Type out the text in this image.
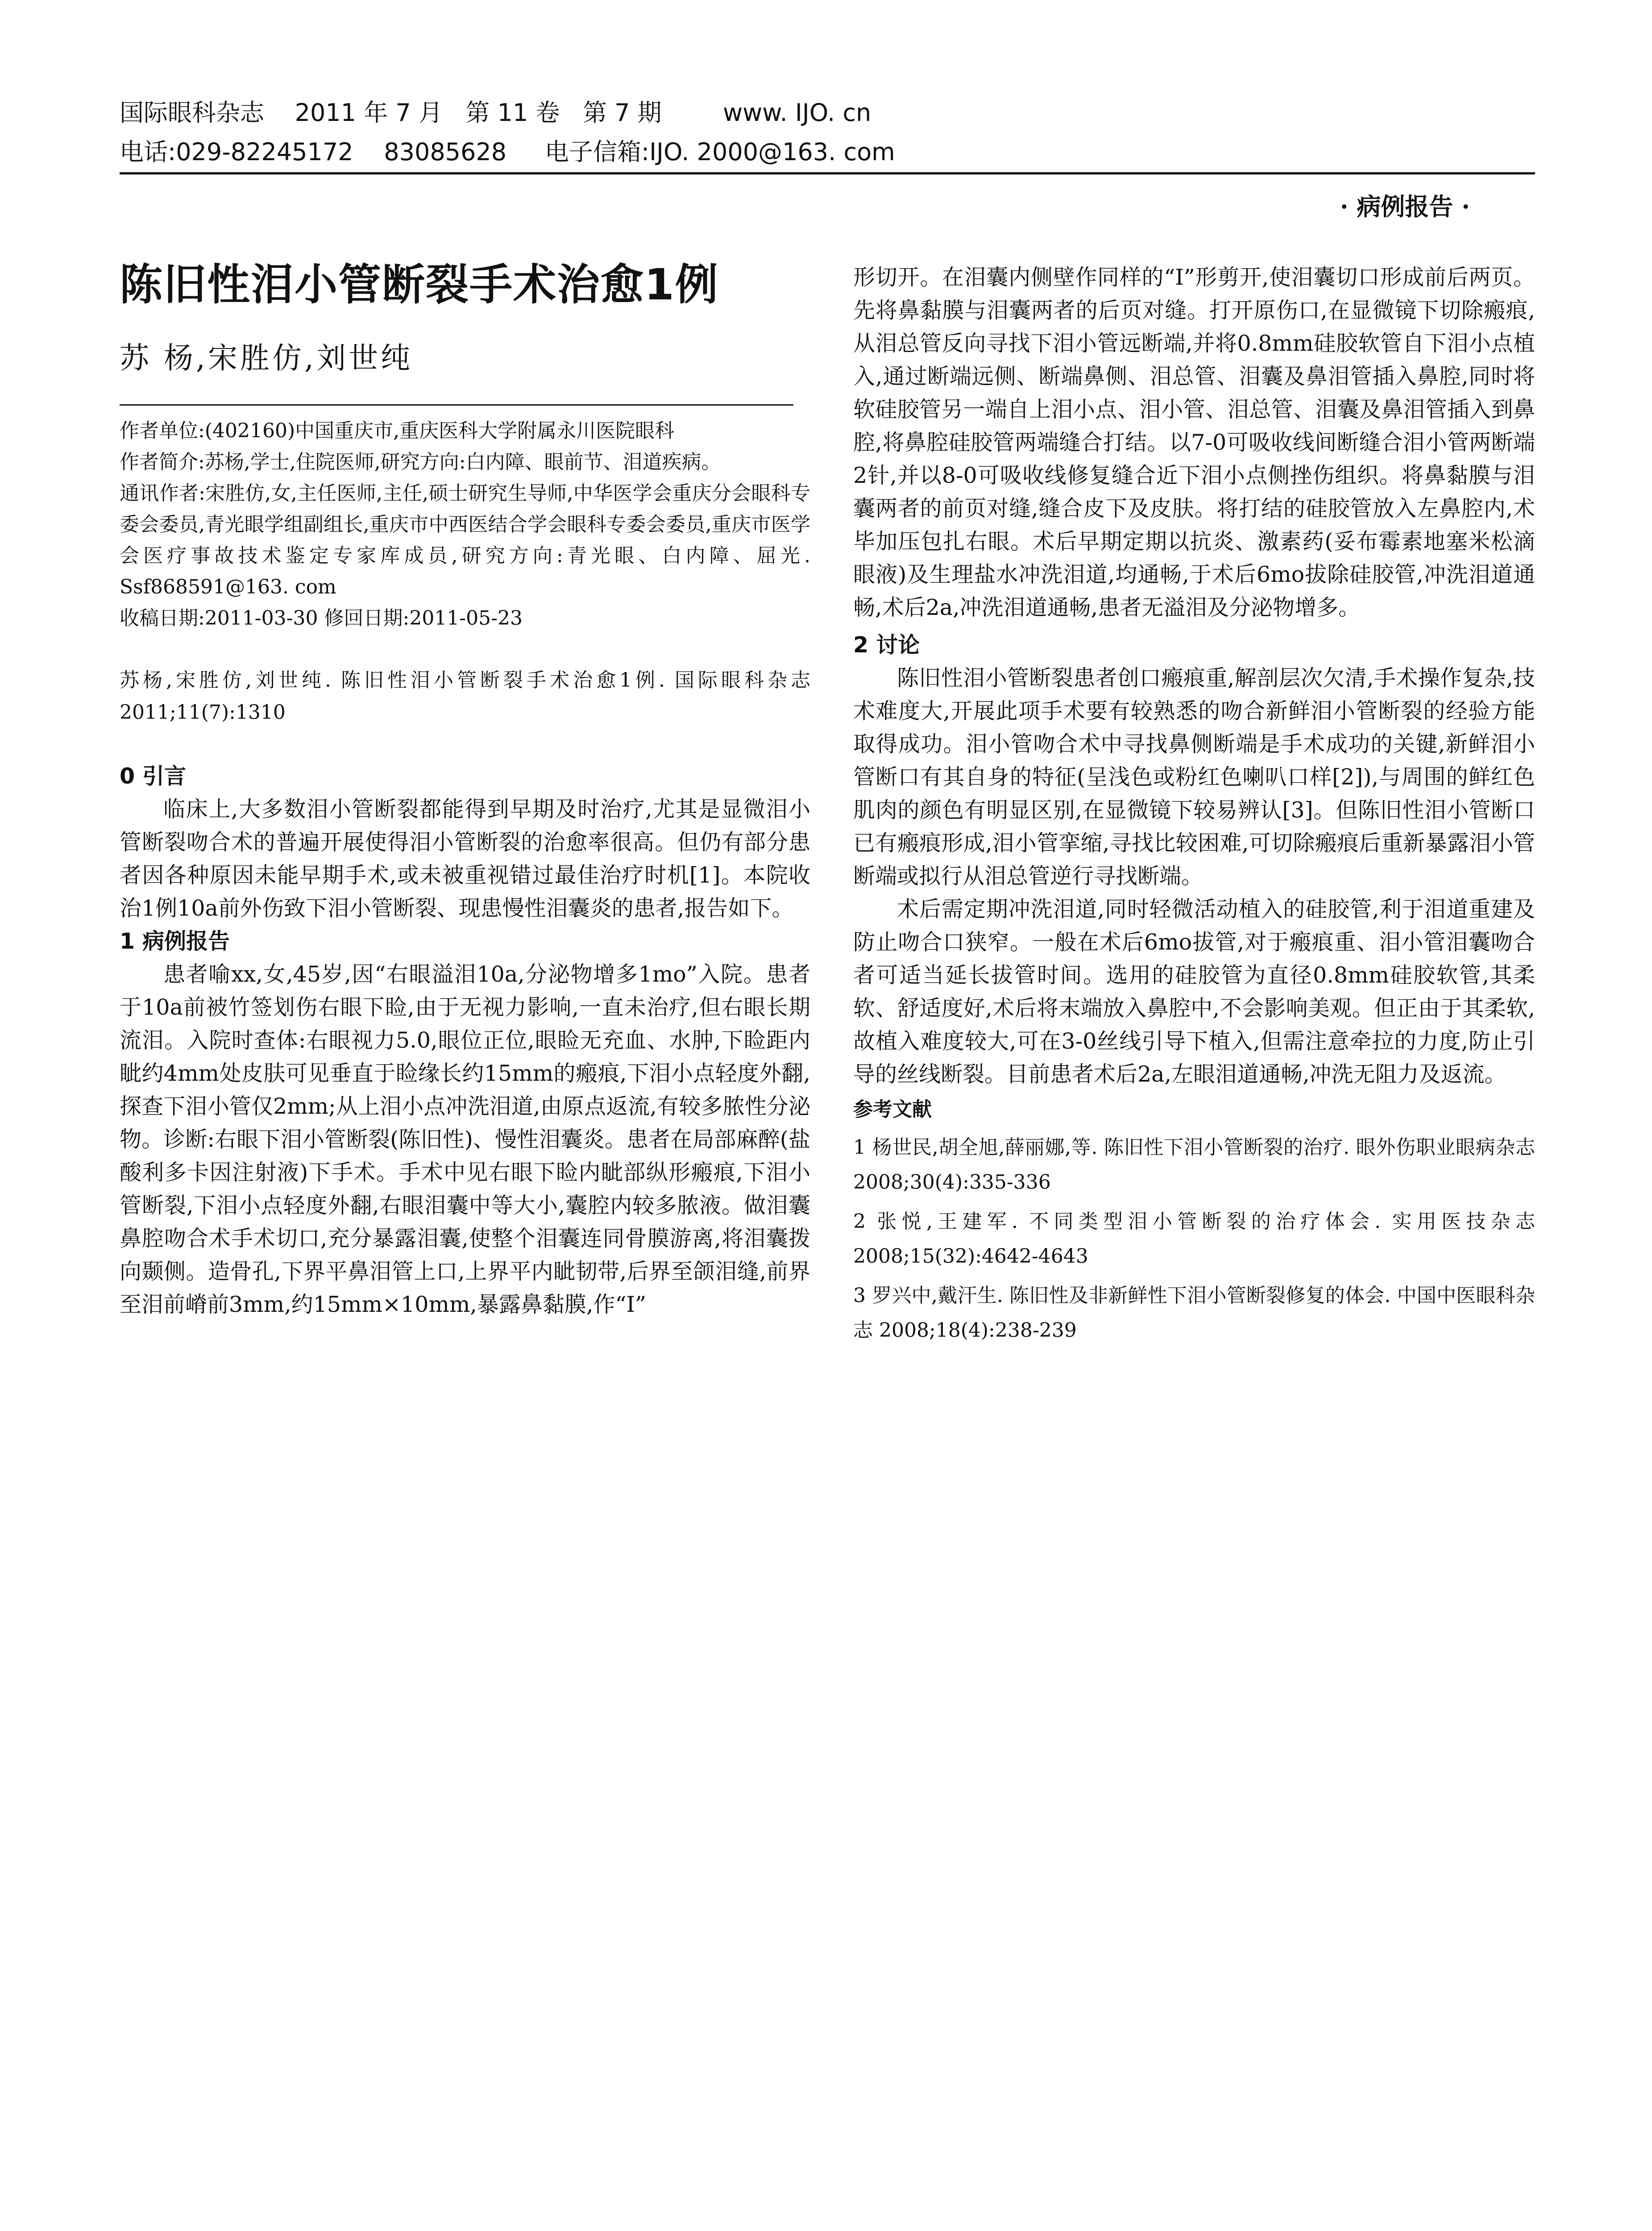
国际眼科杂志    2011 年 7 月   第 11 卷   第 7 期        www. IJO. cn
电话:029-82245172    83085628     电子信箱:IJO. 2000@163. com
· 病例报告 ·
陈旧性泪小管断裂手术治愈1例
苏 杨,宋胜仿,刘世纯

作者单位:(402160)中国重庆市,重庆医科大学附属永川医院眼科

作者简介:苏杨,学士,住院医师,研究方向:白内障、眼前节、泪道疾病。

通讯作者:宋胜仿,女,主任医师,主任,硕士研究生导师,中华医学会重庆分会眼科专委会委员,青光眼学组副组长,重庆市中西医结合学会眼科专委会委员,重庆市医学会医疗事故技术鉴定专家库成员,研究方向:青光眼、白内障、屈光. Ssf868591@163. com

收稿日期:2011-03-30 修回日期:2011-05-23

苏杨,宋胜仿,刘世纯. 陈旧性泪小管断裂手术治愈1例. 国际眼科杂志 2011;11(7):1310
0 引言

临床上,大多数泪小管断裂都能得到早期及时治疗,尤其是显微泪小管断裂吻合术的普遍开展使得泪小管断裂的治愈率很高。但仍有部分患者因各种原因未能早期手术,或未被重视错过最佳治疗时机[1]。本院收治1例10a前外伤致下泪小管断裂、现患慢性泪囊炎的患者,报告如下。

1 病例报告

患者喻xx,女,45岁,因“右眼溢泪10a,分泌物增多1mo”入院。患者于10a前被竹签划伤右眼下睑,由于无视力影响,一直未治疗,但右眼长期流泪。入院时查体:右眼视力5.0,眼位正位,眼睑无充血、水肿,下睑距内眦约4mm处皮肤可见垂直于睑缘长约15mm的瘢痕,下泪小点轻度外翻,探查下泪小管仅2mm;从上泪小点冲洗泪道,由原点返流,有较多脓性分泌物。诊断:右眼下泪小管断裂(陈旧性)、慢性泪囊炎。患者在局部麻醉(盐酸利多卡因注射液)下手术。手术中见右眼下睑内眦部纵形瘢痕,下泪小管断裂,下泪小点轻度外翻,右眼泪囊中等大小,囊腔内较多脓液。做泪囊鼻腔吻合术手术切口,充分暴露泪囊,使整个泪囊连同骨膜游离,将泪囊拨向颞侧。造骨孔,下界平鼻泪管上口,上界平内眦韧带,后界至颌泪缝,前界至泪前嵴前3mm,约15mm×10mm,暴露鼻黏膜,作“I”

形切开。在泪囊内侧壁作同样的“I”形剪开,使泪囊切口形成前后两页。先将鼻黏膜与泪囊两者的后页对缝。打开原伤口,在显微镜下切除瘢痕,从泪总管反向寻找下泪小管远断端,并将0.8mm硅胶软管自下泪小点植入,通过断端远侧、断端鼻侧、泪总管、泪囊及鼻泪管插入鼻腔,同时将软硅胶管另一端自上泪小点、泪小管、泪总管、泪囊及鼻泪管插入到鼻腔,将鼻腔硅胶管两端缝合打结。以7-0可吸收线间断缝合泪小管两断端2针,并以8-0可吸收线修复缝合近下泪小点侧挫伤组织。将鼻黏膜与泪囊两者的前页对缝,缝合皮下及皮肤。将打结的硅胶管放入左鼻腔内,术毕加压包扎右眼。术后早期定期以抗炎、激素药(妥布霉素地塞米松滴眼液)及生理盐水冲洗泪道,均通畅,于术后6mo拔除硅胶管,冲洗泪道通畅,术后2a,冲洗泪道通畅,患者无溢泪及分泌物增多。

2 讨论

陈旧性泪小管断裂患者创口瘢痕重,解剖层次欠清,手术操作复杂,技术难度大,开展此项手术要有较熟悉的吻合新鲜泪小管断裂的经验方能取得成功。泪小管吻合术中寻找鼻侧断端是手术成功的关键,新鲜泪小管断口有其自身的特征(呈浅色或粉红色喇叭口样[2]),与周围的鲜红色肌肉的颜色有明显区别,在显微镜下较易辨认[3]。但陈旧性泪小管断口已有瘢痕形成,泪小管挛缩,寻找比较困难,可切除瘢痕后重新暴露泪小管断端或拟行从泪总管逆行寻找断端。

术后需定期冲洗泪道,同时轻微活动植入的硅胶管,利于泪道重建及防止吻合口狭窄。一般在术后6mo拔管,对于瘢痕重、泪小管泪囊吻合者可适当延长拔管时间。选用的硅胶管为直径0.8mm硅胶软管,其柔软、舒适度好,术后将末端放入鼻腔中,不会影响美观。但正由于其柔软,故植入难度较大,可在3-0丝线引导下植入,但需注意牵拉的力度,防止引导的丝线断裂。目前患者术后2a,左眼泪道通畅,冲洗无阻力及返流。

参考文献

1 杨世民,胡全旭,薛丽娜,等. 陈旧性下泪小管断裂的治疗. 眼外伤职业眼病杂志 2008;30(4):335-336

2 张悦,王建军. 不同类型泪小管断裂的治疗体会. 实用医技杂志 2008;15(32):4642-4643

3 罗兴中,戴汗生. 陈旧性及非新鲜性下泪小管断裂修复的体会. 中国中医眼科杂志 2008;18(4):238-239
